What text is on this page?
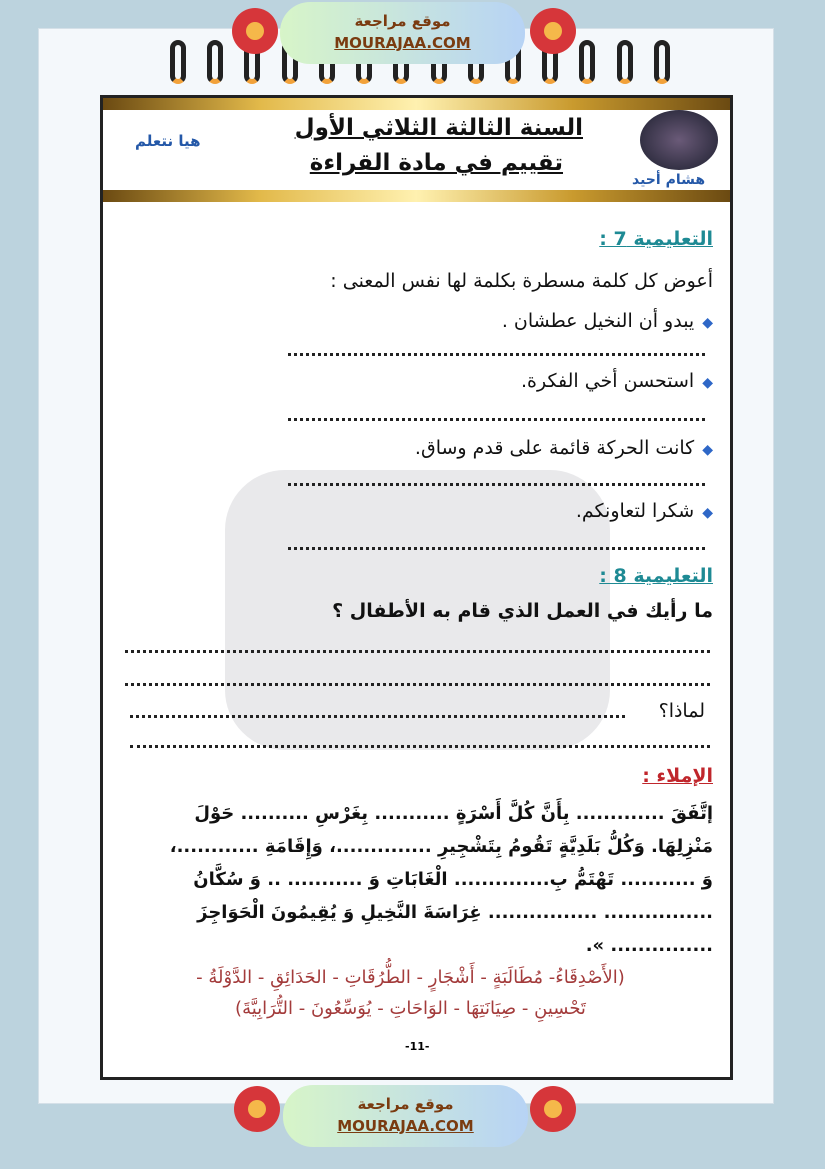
هشام أحيد
هيا نتعلم	السنة الثالثة الثلاثي الأول
تقييم في مادة القراءة
التعليمية 7 :
أعوض كل كلمة مسطرة بكلمة لها نفس المعنى :
◆يبدو أن النخيل عطشان .
◆استحسن أخي الفكرة.
◆كانت الحركة قائمة على قدم وساق.
◆شكرا لتعاونكم.
التعليمية 8 :
ما رأيك في العمل الذي قام به الأطفال ؟
لماذا؟
الإملاء :
إتَّفَقَ ............. بِأَنَّ كُلَّ أَسْرَةٍ ........... بِغَرْسِ .......... حَوْلَ
مَنْزِلِهَا. وَكُلُّ بَلَدِيَّةٍ تَقُومُ بِتَشْجِيرِ ..............، وَإِقَامَةِ ............،
وَ ........... تَهْتَمُّ بِ.............. الْغَابَاتِ وَ ........... .. وَ سُكَّانُ
................ ................ غِرَاسَةَ النَّخِيلِ وَ يُقِيمُونَ الْحَوَاجِزَ
............... ».
(الأَصْدِقَاءُ- مُطَالَبَةٍ - أَشْجَارٍ - الطُّرُقَاتِ - الحَدَائِقِ - الدَّوْلَةُ -
تَحْسِينِ - صِيَانَتِهَا - الوَاحَاتِ - يُوَسِّعُونَ - التُّرَابِيَّةَ)
-11-
موقع مراجعة
MOURAJAA.COM
موقع مراجعة
MOURAJAA.COM
